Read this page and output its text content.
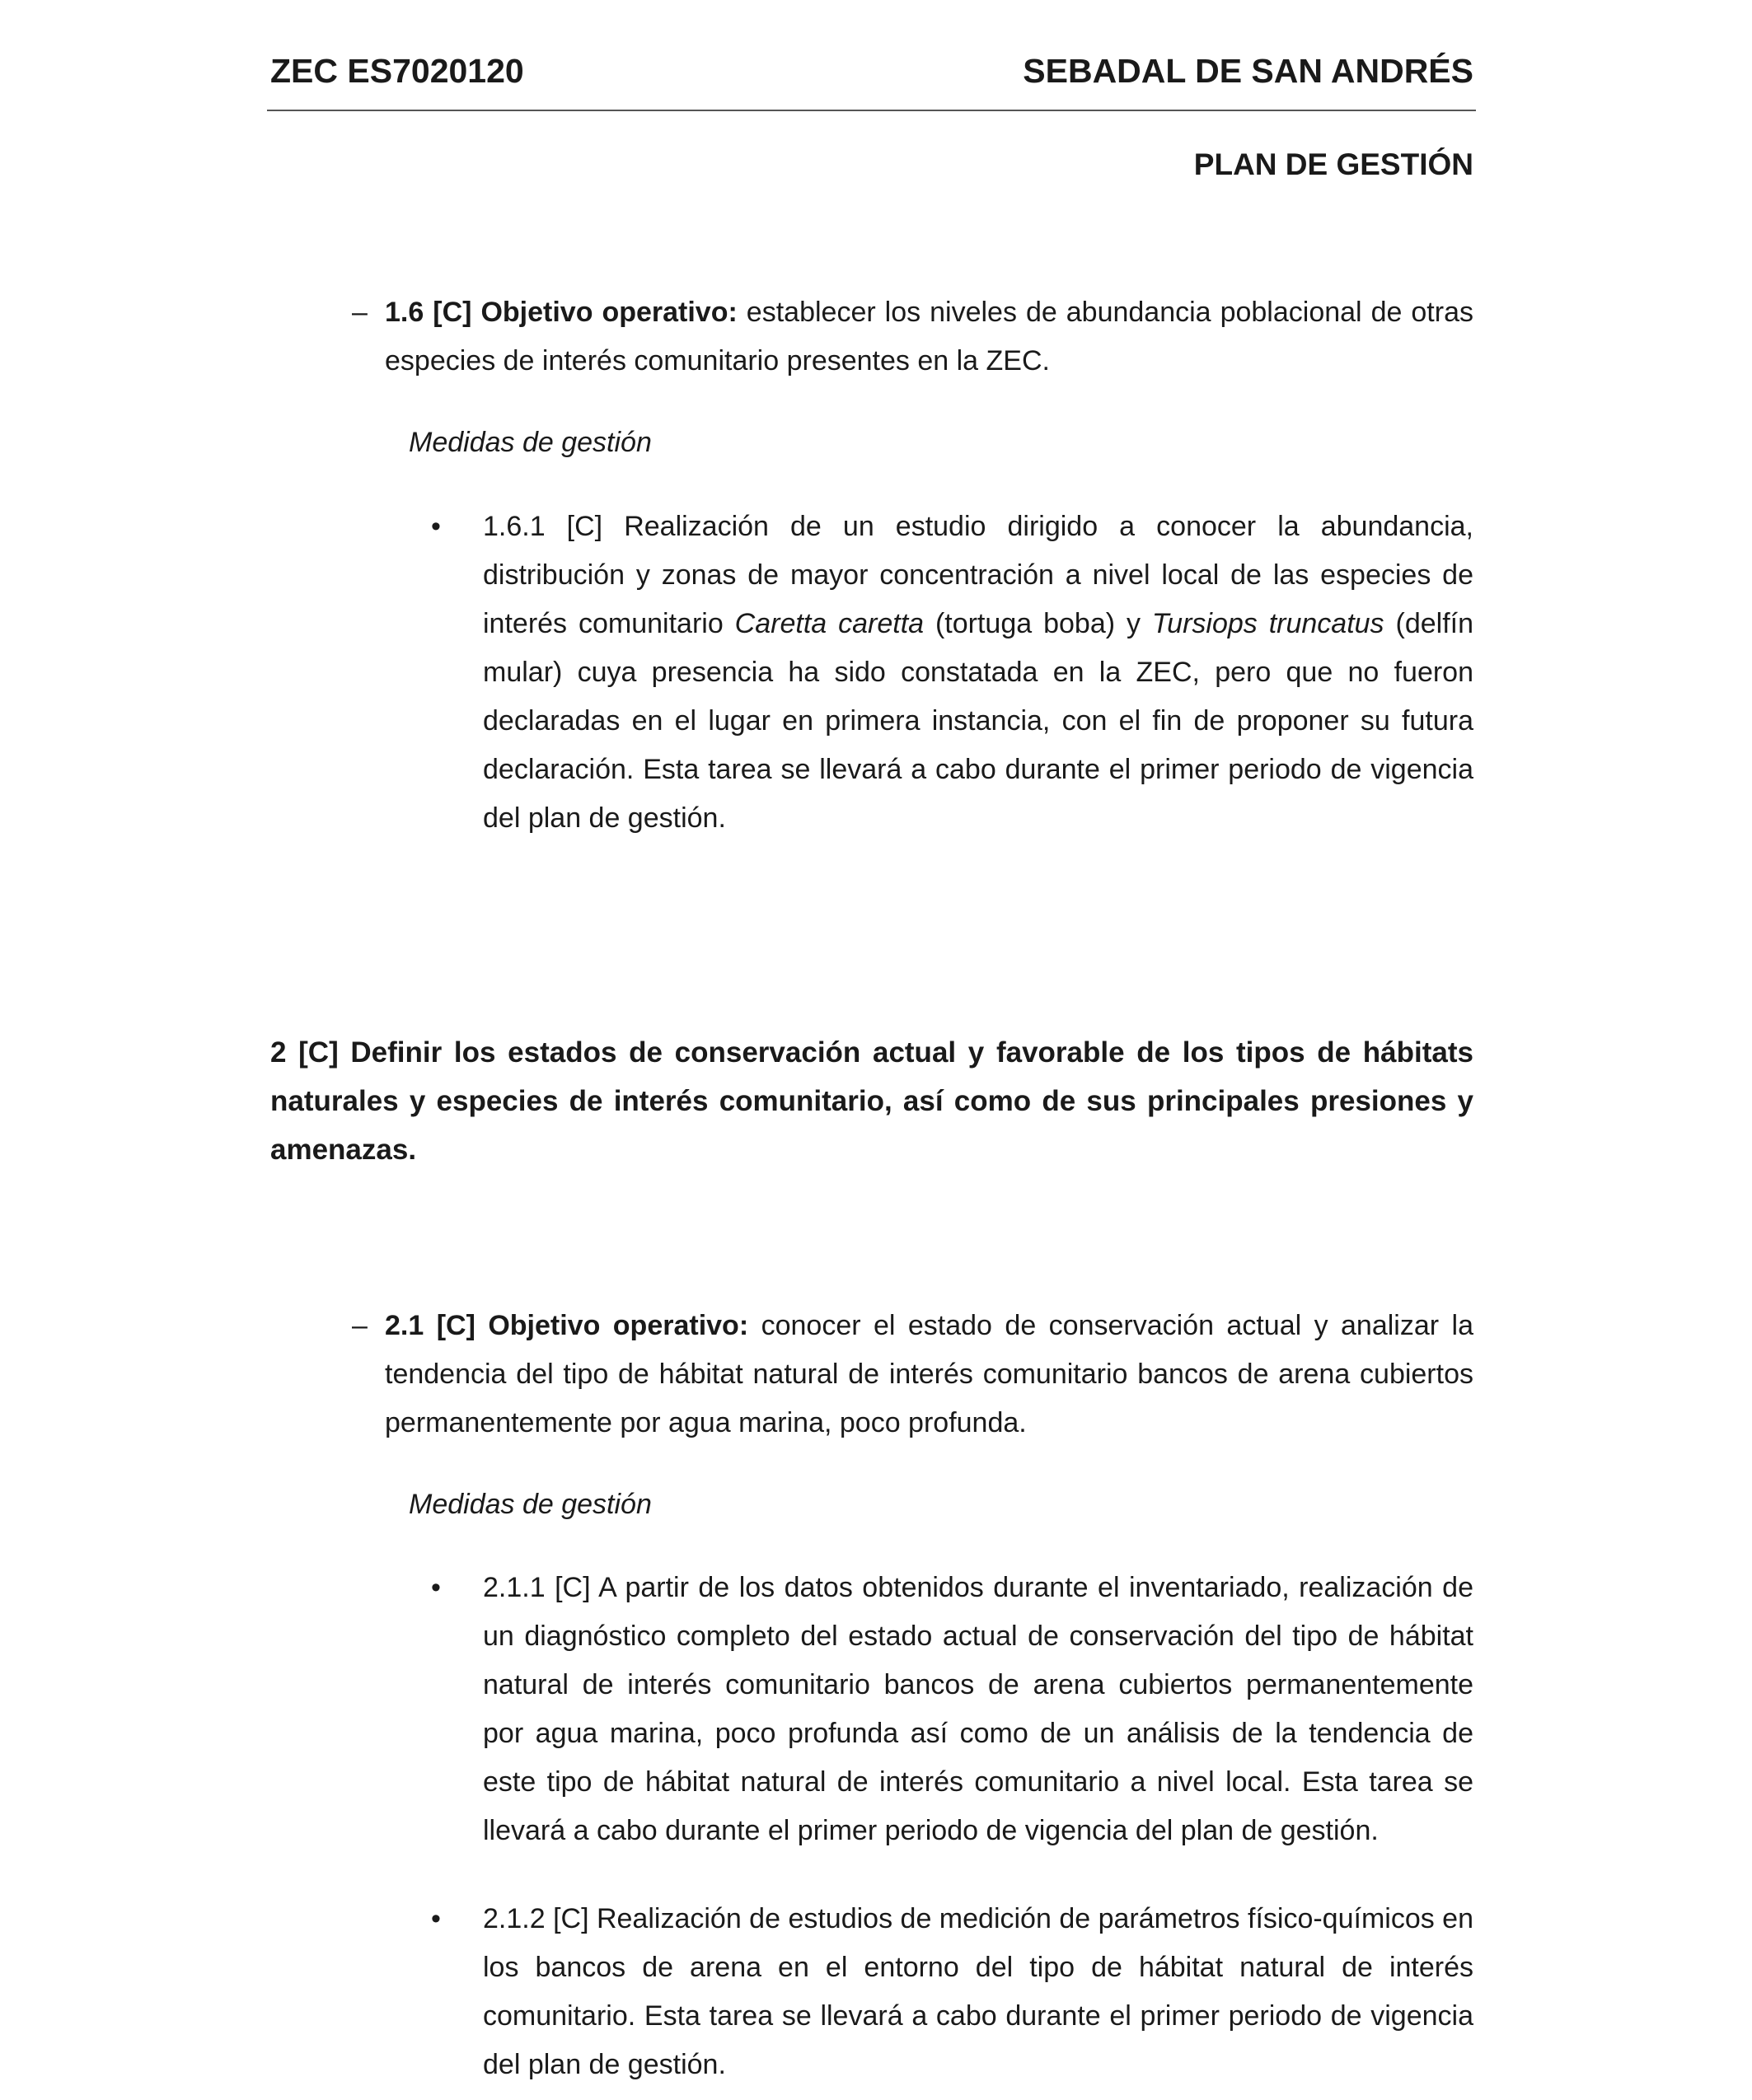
ZEC ES7020120	SEBADAL DE SAN ANDRÉS
PLAN DE GESTIÓN
– 1.6 [C] Objetivo operativo: establecer los niveles de abundancia poblacional de otras especies de interés comunitario presentes en la ZEC.
Medidas de gestión
• 1.6.1 [C] Realización de un estudio dirigido a conocer la abundancia, distribución y zonas de mayor concentración a nivel local de las especies de interés comunitario Caretta caretta (tortuga boba) y Tursiops truncatus (delfín mular) cuya presencia ha sido constatada en la ZEC, pero que no fueron declaradas en el lugar en primera instancia, con el fin de proponer su futura declaración. Esta tarea se llevará a cabo durante el primer periodo de vigencia del plan de gestión.
2 [C] Definir los estados de conservación actual y favorable de los tipos de hábitats naturales y especies de interés comunitario, así como de sus principales presiones y amenazas.
– 2.1 [C] Objetivo operativo: conocer el estado de conservación actual y analizar la tendencia del tipo de hábitat natural de interés comunitario bancos de arena cubiertos permanentemente por agua marina, poco profunda.
Medidas de gestión
• 2.1.1 [C] A partir de los datos obtenidos durante el inventariado, realización de un diagnóstico completo del estado actual de conservación del tipo de hábitat natural de interés comunitario bancos de arena cubiertos permanentemente por agua marina, poco profunda así como de un análisis de la tendencia de este tipo de hábitat natural de interés comunitario a nivel local. Esta tarea se llevará a cabo durante el primer periodo de vigencia del plan de gestión.
• 2.1.2 [C] Realización de estudios de medición de parámetros físico-químicos en los bancos de arena en el entorno del tipo de hábitat natural de interés comunitario. Esta tarea se llevará a cabo durante el primer periodo de vigencia del plan de gestión.
